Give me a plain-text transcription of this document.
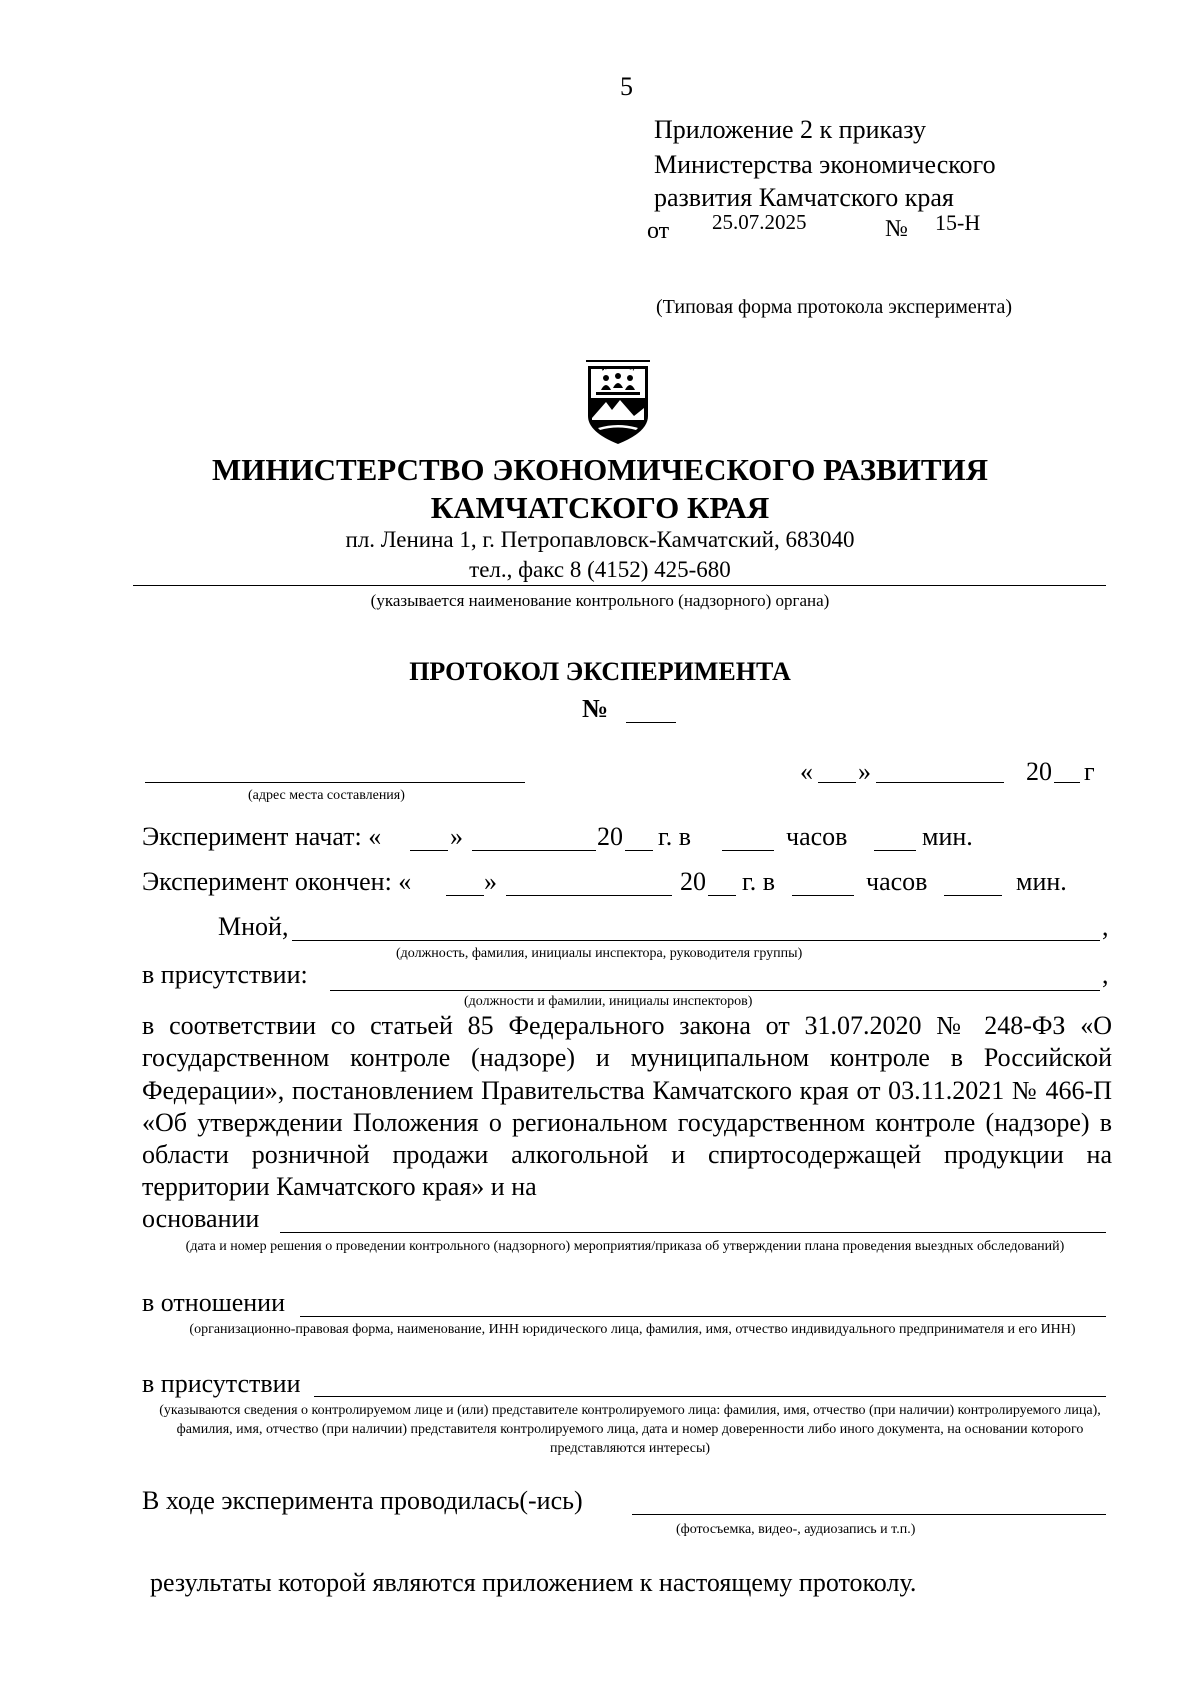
5
Приложение 2 к приказу
Министерства экономического
развития Камчатского края
от 25.07.2025	№ 15-Н
(Типовая форма протокола эксперимента)
МИНИСТЕРСТВО ЭКОНОМИЧЕСКОГО РАЗВИТИЯ
КАМЧАТСКОГО КРАЯ
пл. Ленина 1, г. Петропавловск-Камчатский, 683040
тел., факс 8 (4152) 425-680
(указывается наименование контрольного (надзорного) органа)
ПРОТОКОЛ ЭКСПЕРИМЕНТА
№
(адрес места составления)
« »	20 г
Эксперимент начат: «	»	20 г. в	часов	мин.
Эксперимент окончен: «	»	20 г. в	часов	мин.
Мной,	,
(должность, фамилия, инициалы инспектора, руководителя группы)
в присутствии:	,
(должности и фамилии, инициалы инспекторов)
в соответствии со статьей 85 Федерального закона от 31.07.2020 № 248-ФЗ «О государственном контроле (надзоре) и муниципальном контроле в Российской Федерации», постановлением Правительства Камчатского края от 03.11.2021 № 466-П «Об утверждении Положения о региональном государственном контроле (надзоре) в области розничной продажи алкогольной и спиртосодержащей продукции на территории Камчатского края» и на
основании
(дата и номер решения о проведении контрольного (надзорного) мероприятия/приказа об утверждении плана проведения выездных обследований)
в отношении
(организационно-правовая форма, наименование, ИНН юридического лица, фамилия, имя, отчество индивидуального предпринимателя и его ИНН)
в присутствии
(указываются сведения о контролируемом лице и (или) представителе контролируемого лица: фамилия, имя, отчество (при наличии) контролируемого лица), фамилия, имя, отчество (при наличии) представителя контролируемого лица, дата и номер доверенности либо иного документа, на основании которого представляются интересы)
В ходе эксперимента проводилась(-ись)
(фотосъемка, видео-, аудиозапись и т.п.)
результаты которой являются приложением к настоящему протоколу.
